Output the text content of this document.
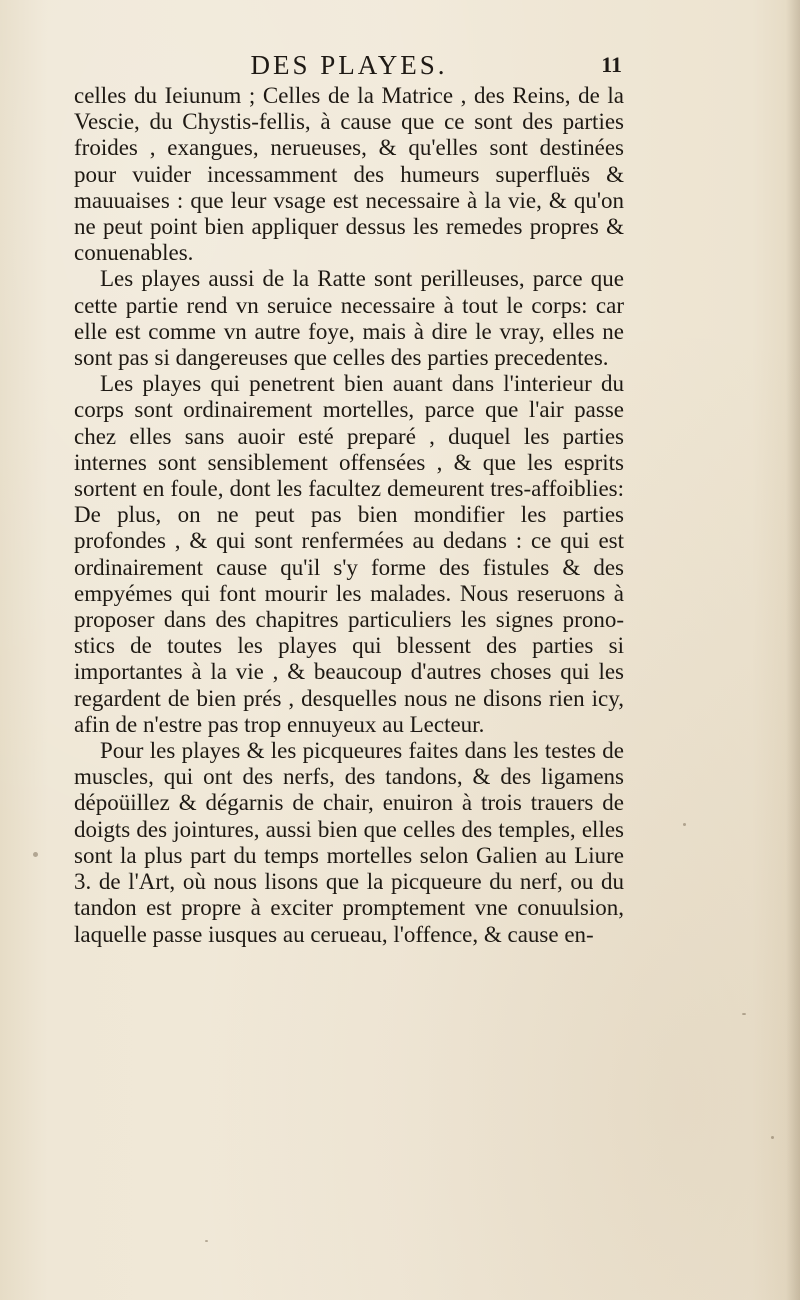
DES PLAYES.	11

celles du Ieiunum ; Celles de la Matrice , des Reins, de la Vescie, du Chystis-fellis, à cause que ce sont des parties froides , exangues, nerueuses, & qu'elles sont destinées pour vuider incessamment des humeurs superfluës & mauuaises : que leur vsage est necessaire à la vie, & qu'on ne peut point bien appliquer dessus les remedes propres & conuenables.

Les playes aussi de la Ratte sont perilleuses, parce que cette partie rend vn seruice necessaire à tout le corps: car elle est comme vn autre foye, mais à dire le vray, elles ne sont pas si dangereuses que celles des parties precedentes.

Les playes qui penetrent bien auant dans l'interieur du corps sont ordinairement mortelles, parce que l'air passe chez elles sans auoir esté preparé , duquel les parties internes sont sensiblement offensées , & que les esprits sortent en foule, dont les facultez demeurent tres-affoiblies: De plus, on ne peut pas bien mondifier les parties profondes , & qui sont renfermées au dedans : ce qui est ordinairement cause qu'il s'y forme des fistules & des empyémes qui font mourir les malades. Nous reseruons à proposer dans des chapitres particuliers les signes prono-stics de toutes les playes qui blessent des parties si importantes à la vie , & beaucoup d'autres choses qui les regardent de bien prés , desquelles nous ne disons rien icy, afin de n'estre pas trop ennuyeux au Lecteur.

Pour les playes & les picqueures faites dans les testes de muscles, qui ont des nerfs, des tandons, & des ligamens dépoüillez & dégarnis de chair, enuiron à trois trauers de doigts des jointures, aussi bien que celles des temples, elles sont la plus part du temps mortelles selon Galien au Liure 3. de l'Art, où nous lisons que la picqueure du nerf, ou du tandon est propre à exciter promptement vne conuulsion, laquelle passe iusques au cerueau, l'offence, & cause en-
